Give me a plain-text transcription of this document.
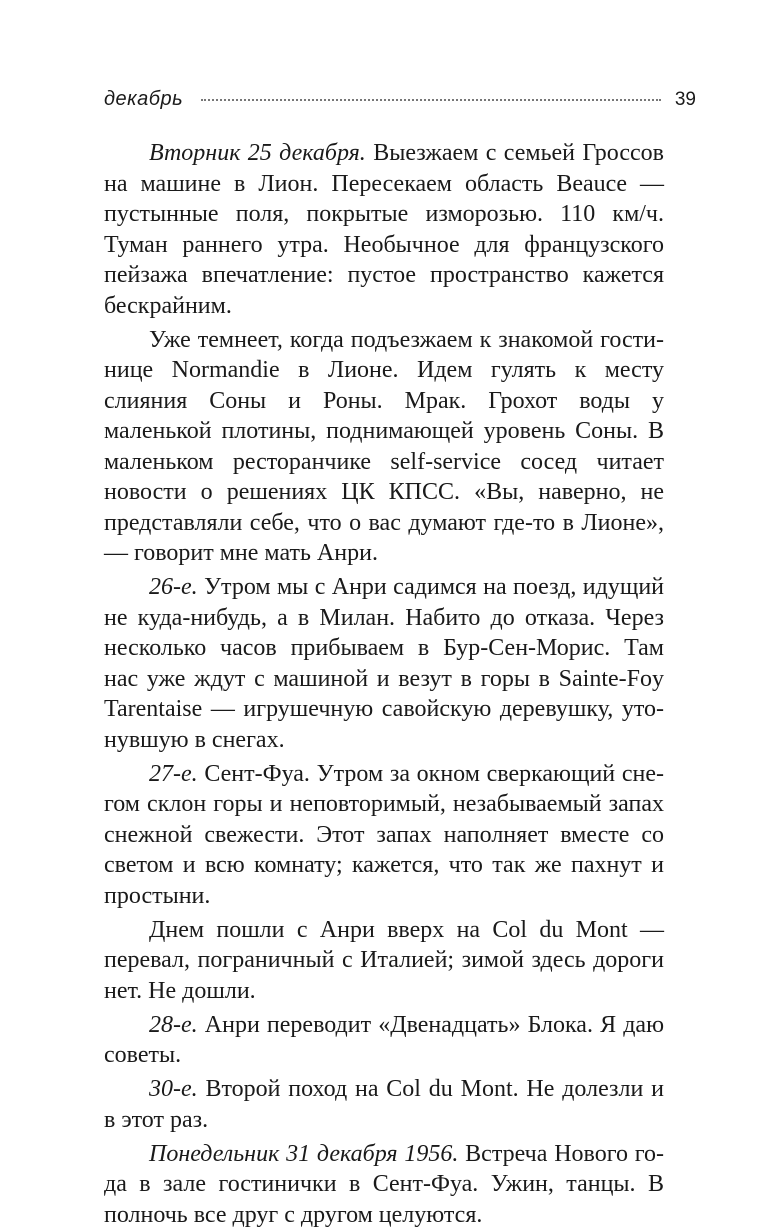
декабрь	39

Вторник 25 декабря. Выезжаем с семьей Гроссов на машине в Лион. Пересекаем область Beauce — пустынные поля, покрытые изморозью. 110 км/ч. Туман раннего утра. Необычное для французского пейзажа впечатление: пустое пространство кажется бескрайним.

Уже темнеет, когда подъезжаем к знакомой гостинице Normandie в Лионе. Идем гулять к месту слияния Соны и Роны. Мрак. Грохот воды у маленькой плотины, поднимающей уровень Соны. В маленьком ресторанчике self-service сосед читает новости о решениях ЦК КПСС. «Вы, наверно, не представляли себе, что о вас думают где-то в Лионе», — говорит мне мать Анри.

26-е. Утром мы с Анри садимся на поезд, идущий не куда-нибудь, а в Милан. Набито до отказа. Через несколько часов прибываем в Бур-Сен-Морис. Там нас уже ждут с машиной и везут в горы в Sainte-Foy Tarentaise — игрушечную савойскую деревушку, утонувшую в снегах.

27-е. Сент-Фуа. Утром за окном сверкающий снегом склон горы и неповторимый, незабываемый запах снежной свежести. Этот запах наполняет вместе со светом и всю комнату; кажется, что так же пахнут и простыни.

Днем пошли с Анри вверх на Col du Mont — перевал, пограничный с Италией; зимой здесь дороги нет. Не дошли.

28-е. Анри переводит «Двенадцать» Блока. Я даю советы.

30-е. Второй поход на Col du Mont. Не долезли и в этот раз.

Понедельник 31 декабря 1956. Встреча Нового года в зале гостинички в Сент-Фуа. Ужин, танцы. В полночь все друг с другом целуются.
